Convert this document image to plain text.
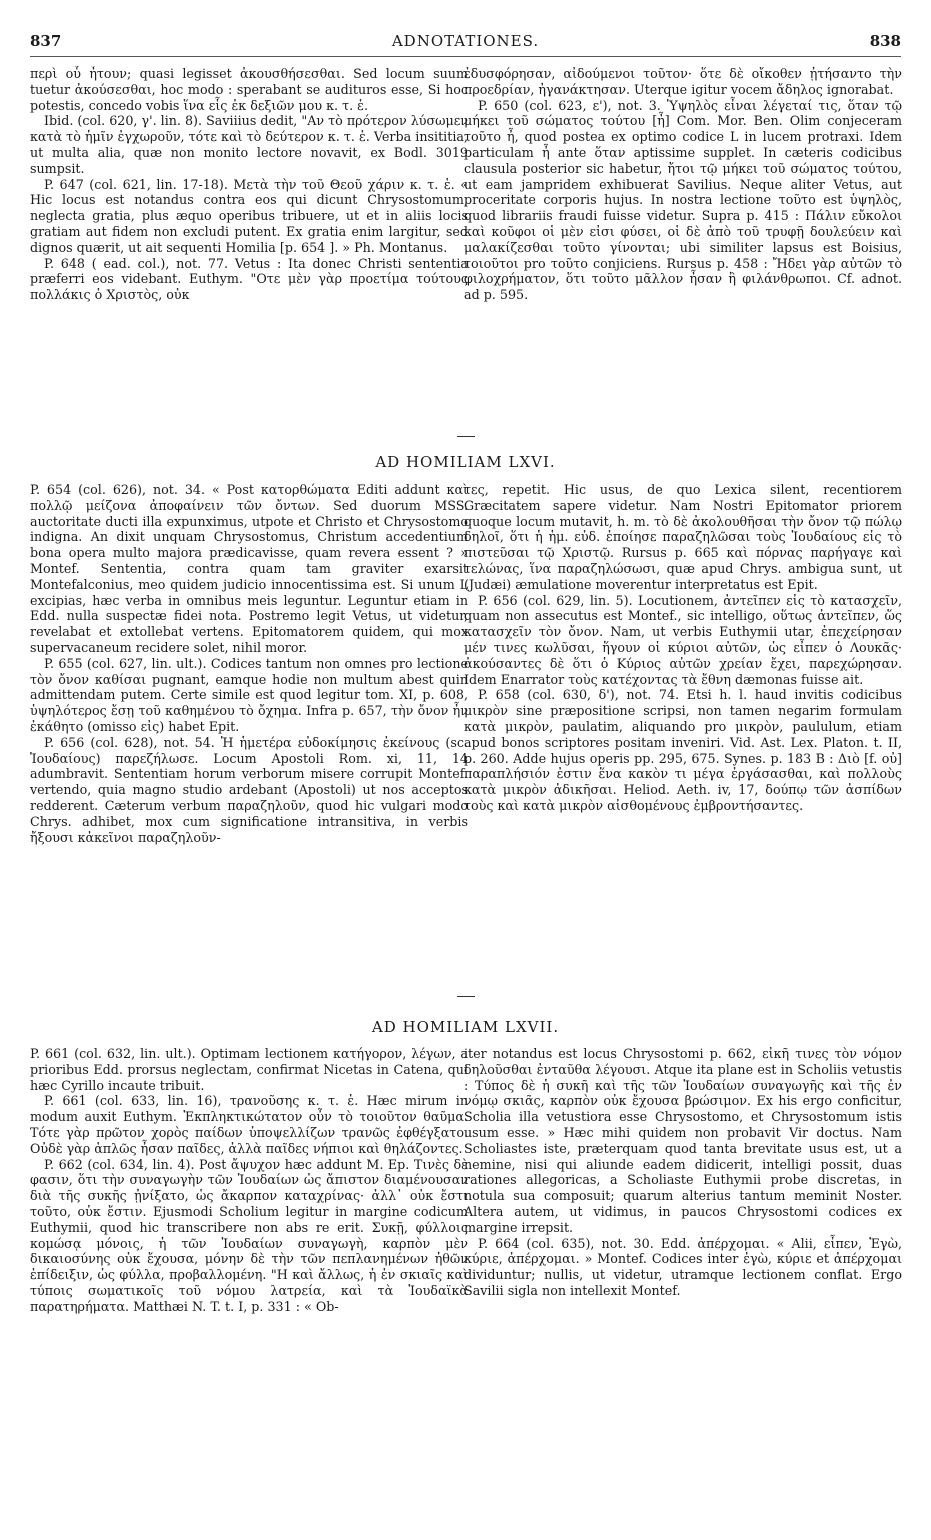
837	ADNOTATIONES.	838

περὶ οὗ ἦτουν; quasi legisset ἀκουσθήσεσθαι. Sed locum suum tuetur ἀκούσεσθαι, hoc modo : sperabant se audituros esse, Si hoc potestis, concedo vobis ἵνα εἷς ἐκ δεξιῶν μου κ. τ. ἑ.

Ibid. (col. 620, γ'. lin. 8). Saviiius dedit, "Αν τὸ πρότερον λύσωμεν κατὰ τὸ ἡμῖν ἐγχωροῦν, τότε καὶ τὸ δεύτερον κ. τ. ἑ. Verba insititia, ut multa alia, quæ non monito lectore novavit, ex Bodl. 3019 sumpsit.

P. 647 (col. 621, lin. 17-18). Μετὰ τὴν τοῦ Θεοῦ χάριν κ. τ. ἑ. « Hic locus est notandus contra eos qui dicunt Chrysostomum, neglecta gratia, plus æquo operibus tribuere, ut et in aliis locis gratiam aut fidem non excludi putent. Ex gratia enim largitur, sed dignos quærit, ut ait sequenti Homilia [p. 654 ]. » Ph. Montanus.

P. 648 ( ead. col.), not. 77. Vetus : Ita donec Christi sententia præferri eos videbant. Euthym. "Οτε μὲν γὰρ προετίμα τούτους πολλάκις ὁ Χριστὸς, οὐκ

ἐδυσφόρησαν, αἰδούμενοι τοῦτον· ὅτε δὲ οἴκοθεν ᾐτήσαντο τὴν προεδρίαν, ἠγανάκτησαν. Uterque igitur vocem ἄδηλος ignorabat.

P. 650 (col. 623, ε'), not. 3. Ὑψηλὸς εἶναι λέγεταί τις, ὅταν τῷ μήκει τοῦ σώματος τούτου [ἦ] Com. Mor. Ben. Olim conjeceram τοῦτο ἦ, quod postea ex optimo codice L in lucem protraxi. Idem particulam ἦ ante ὅταν aptissime supplet. In cæteris codicibus clausula posterior sic habetur, ἤτοι τῷ μήκει τοῦ σώματος τούτου, ut eam jampridem exhibuerat Savilius. Neque aliter Vetus, aut proceritate corporis hujus. In nostra lectione τοῦτο est ὑψηλὸς, quod librariis fraudi fuisse videtur. Supra p. 415 : Πάλιν εὔκολοι καὶ κοῦφοι οἱ μὲν εἰσι φύσει, οἱ δὲ ἀπὸ τοῦ τρυφῇ δουλεύειν καὶ μαλακίζεσθαι τοῦτο γίνονται; ubi similiter lapsus est Boisius, τοιοῦτοι pro τοῦτο conjiciens. Rursus p. 458 : Ἤδει γὰρ αὐτῶν τὸ φιλοχρήματον, ὅτι τοῦτο μᾶλλον ἦσαν ἢ φιλάνθρωποι. Cf. adnot. ad p. 595.

AD HOMILIAM LXVI.

P. 654 (col. 626), not. 34. « Post κατορθώματα Editi addunt καὶ πολλῷ μείζονα ἀποφαίνειν τῶν ὄντων. Sed duorum MSS. auctoritate ducti illa expunximus, utpote et Christo et Chrysostomo indigna. An dixit unquam Chrysostomus, Christum accedentium bona opera multo majora prædicavisse, quam revera essent ? » Montef. Sententia, contra quam tam graviter exarsit Montefalconius, meo quidem judicio innocentissima est. Si unum L excipias, hæc verba in omnibus meis leguntur. Leguntur etiam in Edd. nulla suspectæ fidei nota. Postremo legit Vetus, ut videtur, revelabat et extollebat vertens. Epitomatorem quidem, qui mox supervacaneum recidere solet, nihil moror.

P. 655 (col. 627, lin. ult.). Codices tantum non omnes pro lectione τὸν ὄνον καθίσαι pugnant, eamque hodie non multum abest quin admittendam putem. Certe simile est quod legitur tom. XI, p. 608, ὑψηλότερος ἔσῃ τοῦ καθημένου τὸ ὄχημα. Infra p. 657, τὴν ὄνον ἦν ἐκάθητο (omisso εἰς) habet Epit.

P. 656 (col. 628), not. 54. Ἡ ἡμετέρα εὐδοκίμησις ἐκείνους (sc. Ἰουδαίους) παρεζήλωσε. Locum Apostoli Rom. xi, 11, 14 adumbravit. Sententiam horum verborum misere corrupit Montef. vertendo, quia magno studio ardebant (Apostoli) ut nos acceptos redderent. Cæterum verbum παραζηλοῦν, quod hic vulgari modo Chrys. adhibet, mox cum significatione intransitiva, in verbis ἤξουσι κἀκεῖνοι παραζηλοῦν-

τες, repetit. Hic usus, de quo Lexica silent, recentiorem Græcitatem sapere videtur. Nam Nostri Epitomator priorem quoque locum mutavit, h. m. τὸ δὲ ἀκολουθῆσαι τὴν ὄνον τῷ πώλῳ δηλοῖ, ὅτι ἡ ἡμ. εὐδ. ἐποίησε παραζηλῶσαι τοὺς Ἰουδαίους εἰς τὸ πιστεῦσαι τῷ Χριστῷ. Rursus p. 665 καὶ πόρνας παρήγαγε καὶ τελώνας, ἵνα παραζηλώσωσι, quæ apud Chrys. ambigua sunt, ut (Judæi) æmulatione moverentur interpretatus est Epit.

P. 656 (col. 629, lin. 5). Locutionem, ἀντεῖπεν εἰς τὸ κατασχεῖν, quam non assecutus est Montef., sic intelligo, οὕτως ἀντεῖπεν, ὥς κατασχεῖν τὸν ὄνον. Nam, ut verbis Euthymii utar, ἐπεχείρησαν μέν τινες κωλῦσαι, ἥγουν οἱ κύριοι αὐτῶν, ὡς εἶπεν ὁ Λουκᾶς· ἀκούσαντες δὲ ὅτι ὁ Κύριος αὐτῶν χρείαν ἔχει, παρεχώρησαν. Idem Enarrator τοὺς κατέχοντας τὰ ἔθνη dæmonas fuisse ait.

P. 658 (col. 630, δ'), not. 74. Etsi h. l. haud invitis codicibus μικρὸν sine præpositione scripsi, non tamen negarim formulam κατὰ μικρὸν, paulatim, aliquando pro μικρὸν, paululum, etiam apud bonos scriptores positam inveniri. Vid. Ast. Lex. Platon. t. II, p. 260. Adde hujus operis pp. 295, 675. Synes. p. 183 B : Διὸ [f. οὐ] παραπλήσιόν ἐστιν ἕνα κακὸν τι μέγα ἐργάσασθαι, καὶ πολλοὺς κατὰ μικρὸν ἀδικῆσαι. Heliod. Aeth. iv, 17, δούπῳ τῶν ἀσπίδων τοὺς καὶ κατὰ μικρὸν αἰσθομένους ἐμβροντήσαντες.

AD HOMILIAM LXVII.

P. 661 (col. 632, lin. ult.). Optimam lectionem κατήγορον, λέγων, a prioribus Edd. prorsus neglectam, confirmat Nicetas in Catena, qui hæc Cyrillo incaute tribuit.

P. 661 (col. 633, lin. 16), τρανοῦσης κ. τ. ἑ. Hæc mirum in modum auxit Euthym. Ἐκπληκτικώτατον οὖν τὸ τοιοῦτον θαῦμα. Τότε γὰρ πρῶτον χορὸς παίδων ὑποψελλίζων τρανῶς ἐφθέγξατο. Οὐδὲ γὰρ ἁπλῶς ἦσαν παῖδες, ἀλλὰ παῖδες νήπιοι καὶ θηλάζοντες.

P. 662 (col. 634, lin. 4). Post ἄψυχον hæc addunt M. Ep. Τινὲς δὲ φασιν, ὅτι τὴν συναγωγὴν τῶν Ἰουδαίων ὡς ἄπιστον διαμένουσαν διὰ τῆς συκῆς ᾐνίξατο, ὡς ἄκαρπον καταχρίνας· ἀλλ᾽ οὐκ ἔστι τοῦτο, οὐκ ἔστιν. Ejusmodi Scholium legitur in margine codicum Euthymii, quod hic transcribere non abs re erit. Συκῇ, φύλλοις κομώσᾳ μόνοις, ἡ τῶν Ἰουδαίων συναγωγὴ, καρπὸν μὲν δικαιοσύνης οὐκ ἔχουσα, μόνην δὲ τὴν τῶν πεπλανημένων ἠθῶν ἐπίδειξιν, ὡς φύλλα, προβαλλομένη. "Η καὶ ἄλλως, ἡ ἐν σκιαῖς καὶ τύποις σωματικοῖς τοῦ νόμου λατρεία, καὶ τὰ Ἰουδαϊκὰ παρατηρήματα. Matthæi N. T. t. I, p. 331 : « Ob-

iter notandus est locus Chrysostomi p. 662, εἰκῆ τινες τὸν νόμον δηλοῦσθαι ἐνταῦθα λέγουσι. Atque ita plane est in Scholiis vetustis : Τύπος δὲ ἡ συκῆ καὶ τῆς τῶν Ἰουδαίων συναγωγῆς καὶ τῆς ἐν νόμῳ σκιᾶς, καρπὸν οὐκ ἔχουσα βρώσιμον. Ex his ergo conficitur, Scholia illa vetustiora esse Chrysostomo, et Chrysostomum istis usum esse. » Hæc mihi quidem non probavit Vir doctus. Nam Scholiastes iste, præterquam quod tanta brevitate usus est, ut a nemine, nisi qui aliunde eadem didicerit, intelligi possit, duas rationes allegoricas, a Scholiaste Euthymii probe discretas, in notula sua composuit; quarum alterius tantum meminit Noster. Altera autem, ut vidimus, in paucos Chrysostomi codices ex margine irrepsit.

P. 664 (col. 635), not. 30. Edd. ἀπέρχομαι. « Alii, εἶπεν, Ἐγὼ, κύριε, ἀπέρχομαι. » Montef. Codices inter ἐγὼ, κύριε et ἀπέρχομαι dividuntur; nullis, ut videtur, utramque lectionem conflat. Ergo Savilii sigla non intellexit Montef.
